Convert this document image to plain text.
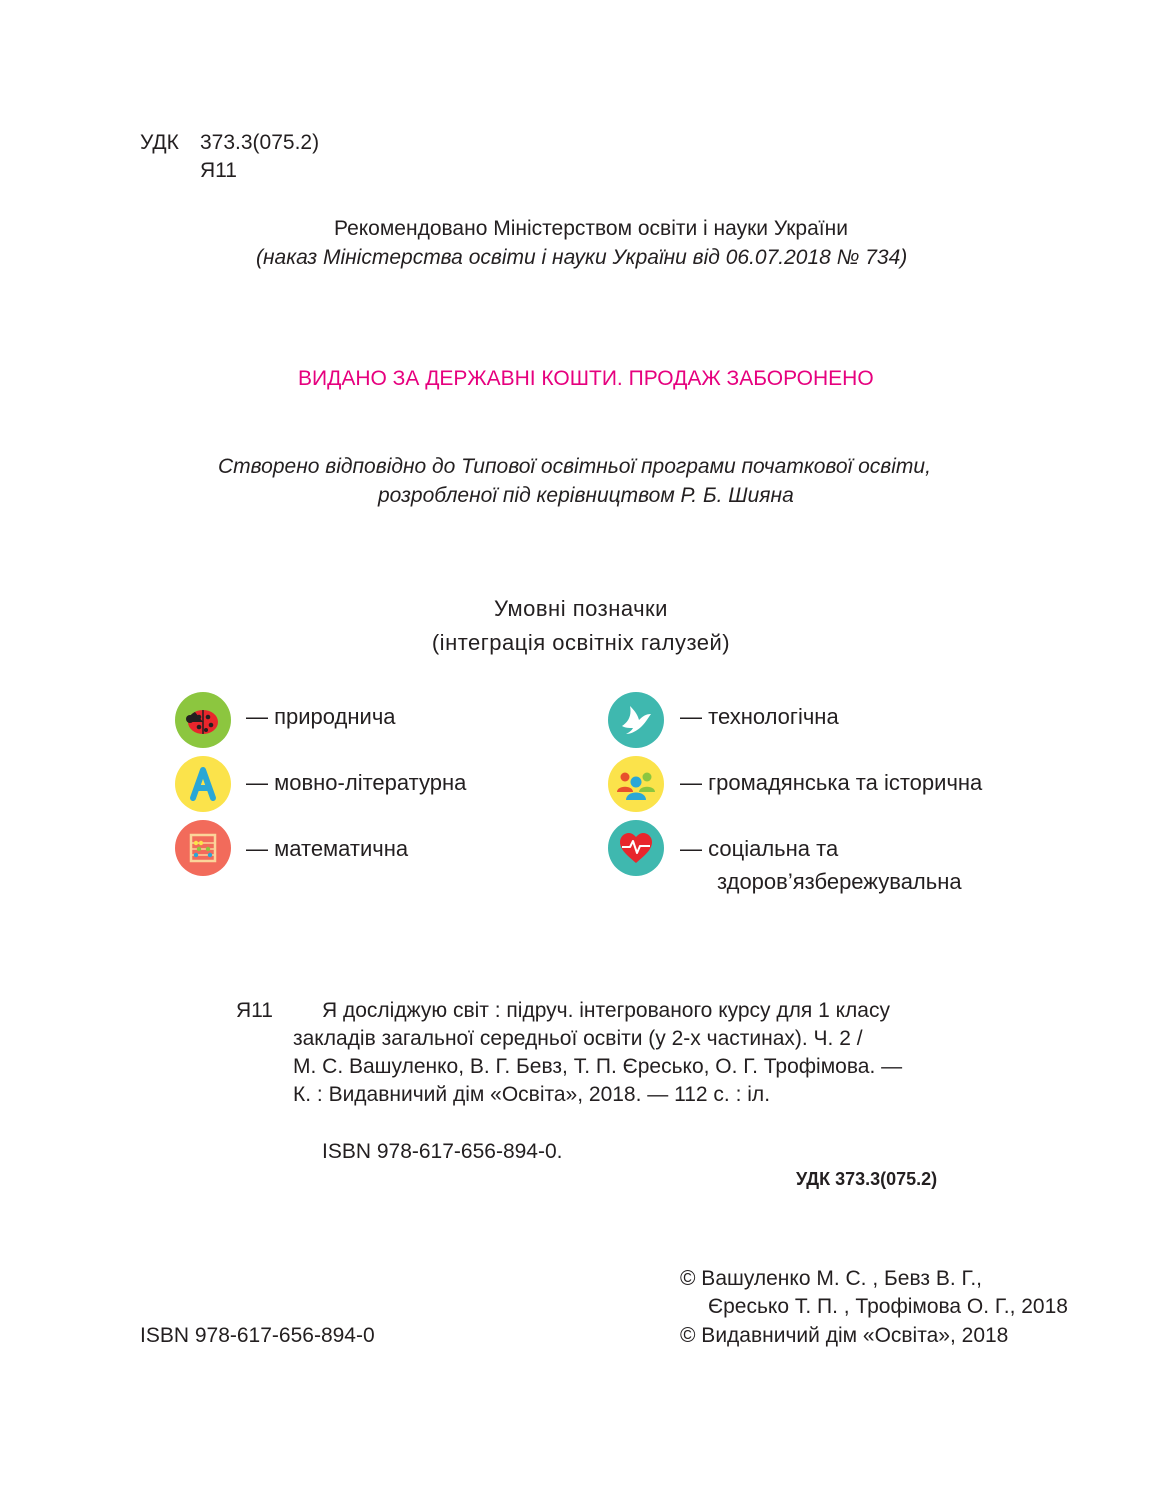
УДК 373.3(075.2)
Я11
Рекомендовано Міністерством освіти і науки України
(наказ Міністерства освіти і науки України від 06.07.2018 № 734)
ВИДАНО ЗА ДЕРЖАВНІ КОШТИ. ПРОДАЖ ЗАБОРОНЕНО
Створено відповідно до Типової освітньої програми початкової освіти,
розробленої під керівництвом Р. Б. Шияна
Умовні позначки
(інтеграція освітніх галузей)
— природнича
— мовно-літературна
— математична
— технологічна
— громадянська та історична
— соціальна та
здоров’язбережувальна
Я11 Я досліджую світ : підруч. інтегрованого курсу для 1 класу
закладів загальної середньої освіти (у 2-х частинах). Ч. 2 /
М. С. Вашуленко, В. Г. Бевз, Т. П. Єресько, О. Г. Трофімова. —
К. : Видавничий дім «Освіта», 2018. — 112 с. : іл.
ISBN 978-617-656-894-0.
УДК 373.3(075.2)
© Вашуленко М. С. , Бевз В. Г.,
Єресько Т. П. , Трофімова О. Г., 2018
ISBN 978-617-656-894-0	© Видавничий дім «Освіта», 2018
